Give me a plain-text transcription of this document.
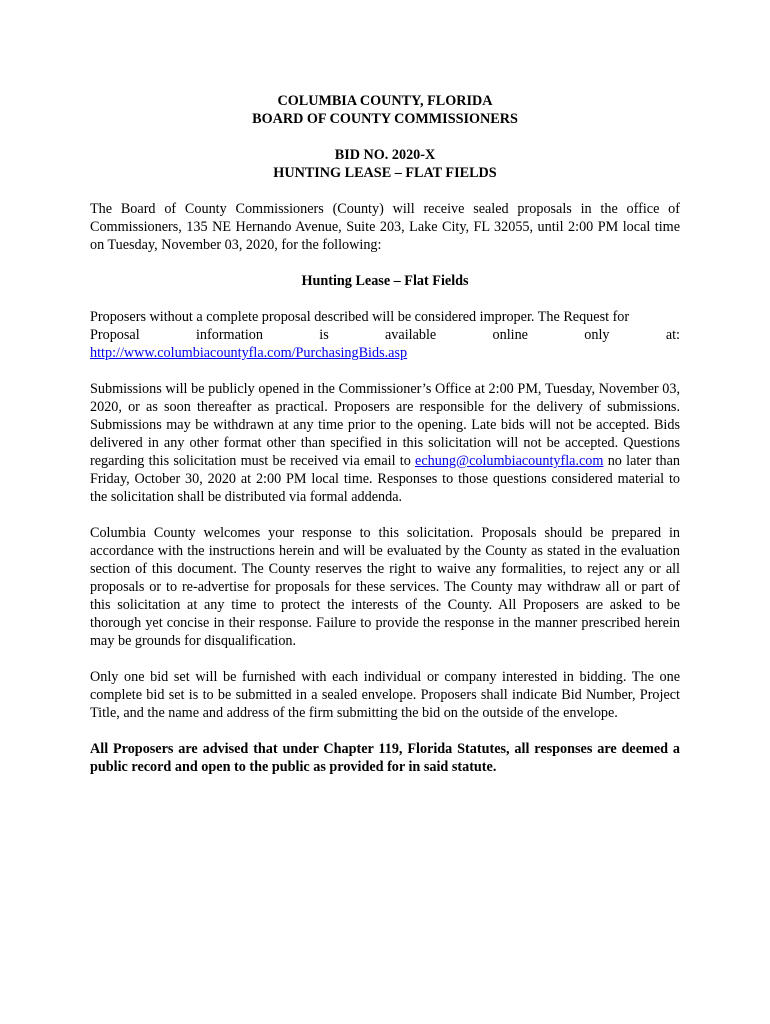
COLUMBIA COUNTY, FLORIDA
BOARD OF COUNTY COMMISSIONERS
BID NO. 2020-X
HUNTING LEASE – FLAT FIELDS

The Board of County Commissioners (County) will receive sealed proposals in the office of Commissioners, 135 NE Hernando Avenue, Suite 203, Lake City, FL 32055, until 2:00 PM local time on Tuesday, November 03, 2020, for the following:

Hunting Lease – Flat Fields

Proposers without a complete proposal described will be considered improper. The Request for
Proposal information is available online only at:
http://www.columbiacountyfla.com/PurchasingBids.asp

Submissions will be publicly opened in the Commissioner’s Office at 2:00 PM, Tuesday, November 03, 2020, or as soon thereafter as practical. Proposers are responsible for the delivery of submissions. Submissions may be withdrawn at any time prior to the opening. Late bids will not be accepted. Bids delivered in any other format other than specified in this solicitation will not be accepted. Questions regarding this solicitation must be received via email to echung@columbiacountyfla.com no later than Friday, October 30, 2020 at 2:00 PM local time. Responses to those questions considered material to the solicitation shall be distributed via formal addenda.

Columbia County welcomes your response to this solicitation. Proposals should be prepared in accordance with the instructions herein and will be evaluated by the County as stated in the evaluation section of this document. The County reserves the right to waive any formalities, to reject any or all proposals or to re-advertise for proposals for these services. The County may withdraw all or part of this solicitation at any time to protect the interests of the County. All Proposers are asked to be thorough yet concise in their response. Failure to provide the response in the manner prescribed herein may be grounds for disqualification.

Only one bid set will be furnished with each individual or company interested in bidding. The one complete bid set is to be submitted in a sealed envelope. Proposers shall indicate Bid Number, Project Title, and the name and address of the firm submitting the bid on the outside of the envelope.

All Proposers are advised that under Chapter 119, Florida Statutes, all responses are deemed a public record and open to the public as provided for in said statute.
